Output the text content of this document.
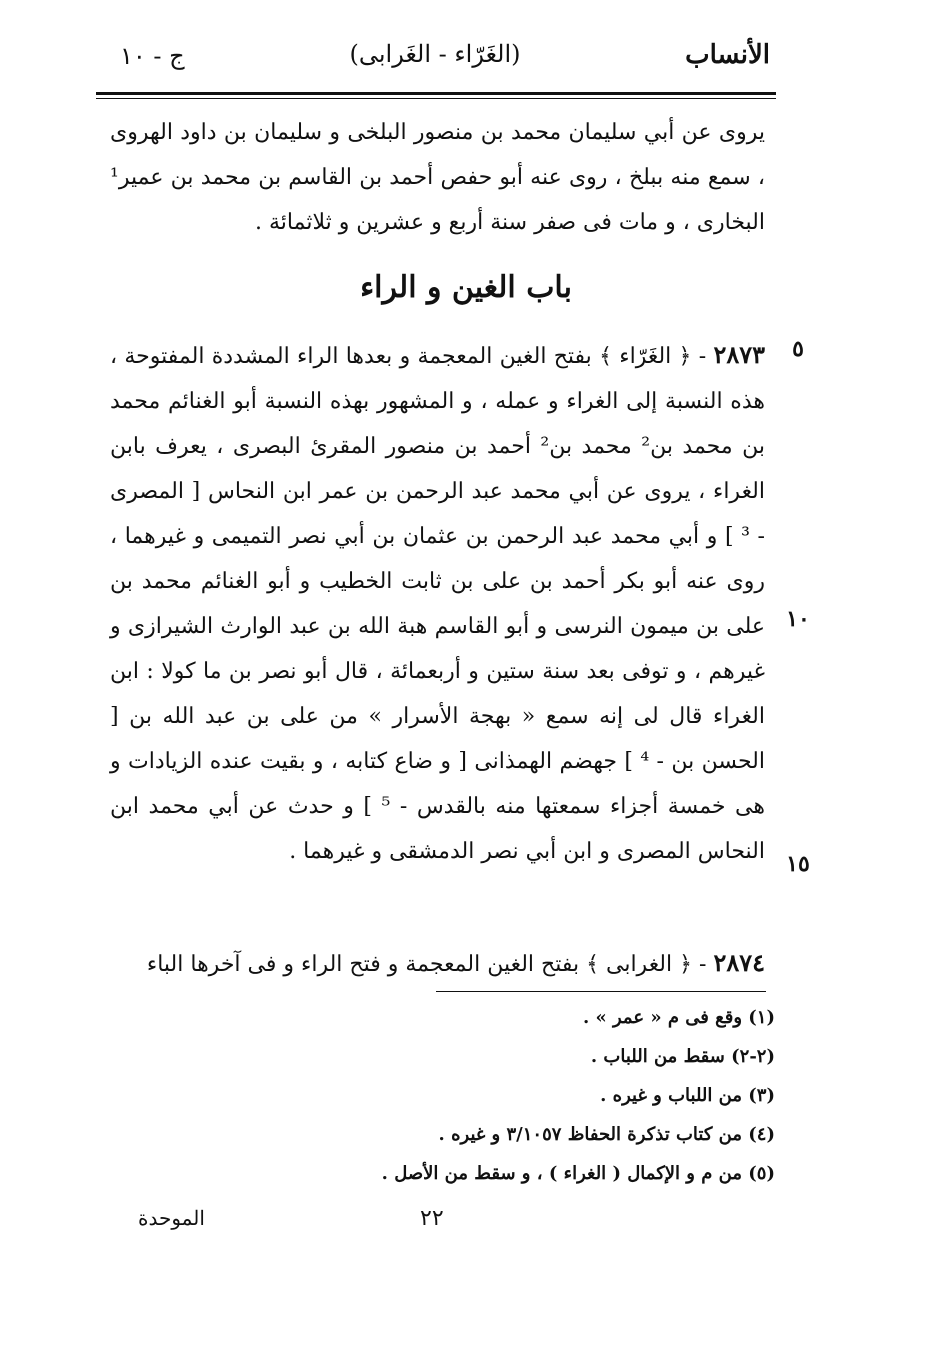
الأنساب
(الغَرّاء - الغَرابى)
ج - ١٠
يروى عن أبي سليمان محمد بن منصور البلخى و سليمان بن داود الهروى ، سمع منه ببلخ ، روى عنه أبو حفص أحمد بن القاسم بن محمد بن عمير¹ البخارى ، و مات فى صفر سنة أربع و عشرين و ثلاثمائة .
باب الغين و الراء
٥
١٠
١٥
٢٨٧٣ - ﴿ الغَرّاء ﴾ بفتح الغين المعجمة و بعدها الراء المشددة المفتوحة ، هذه النسبة إلى الغراء و عمله ، و المشهور بهذه النسبة أبو الغنائم محمد بن محمد بن² محمد بن² أحمد بن منصور المقرئ البصرى ، يعرف بابن الغراء ، يروى عن أبي محمد عبد الرحمن بن عمر ابن النحاس [ المصرى - ³ ] و أبي محمد عبد الرحمن بن عثمان بن أبي نصر التميمى و غيرهما ، روى عنه أبو بكر أحمد بن على بن ثابت الخطيب و أبو الغنائم محمد بن على بن ميمون النرسى و أبو القاسم هبة الله بن عبد الوارث الشيرازى و غيرهم ، و توفى بعد سنة ستين و أربعمائة ، قال أبو نصر بن ما كولا : ابن الغراء قال لى إنه سمع « بهجة الأسرار » من على بن عبد الله بن [ الحسن بن - ⁴ ] جهضم الهمذانى [ و ضاع كتابه ، و بقيت عنده الزيادات و هى خمسة أجزاء سمعتها منه بالقدس - ⁵ ] و حدث عن أبي محمد ابن النحاس المصرى و ابن أبي نصر الدمشقى و غيرهما .
٢٨٧٤ - ﴿ الغرابى ﴾ بفتح الغين المعجمة و فتح الراء و فى آخرها الباء

(١) وقع فى م « عمر » .

(٢-٢) سقط من اللباب .

(٣) من اللباب و غيره .

(٤) من كتاب تذكرة الحفاظ ٣/١٠٥٧ و غيره .

(٥) من م و الإكمال ( الغراء ) ، و سقط من الأصل .

٢٢
الموحدة
